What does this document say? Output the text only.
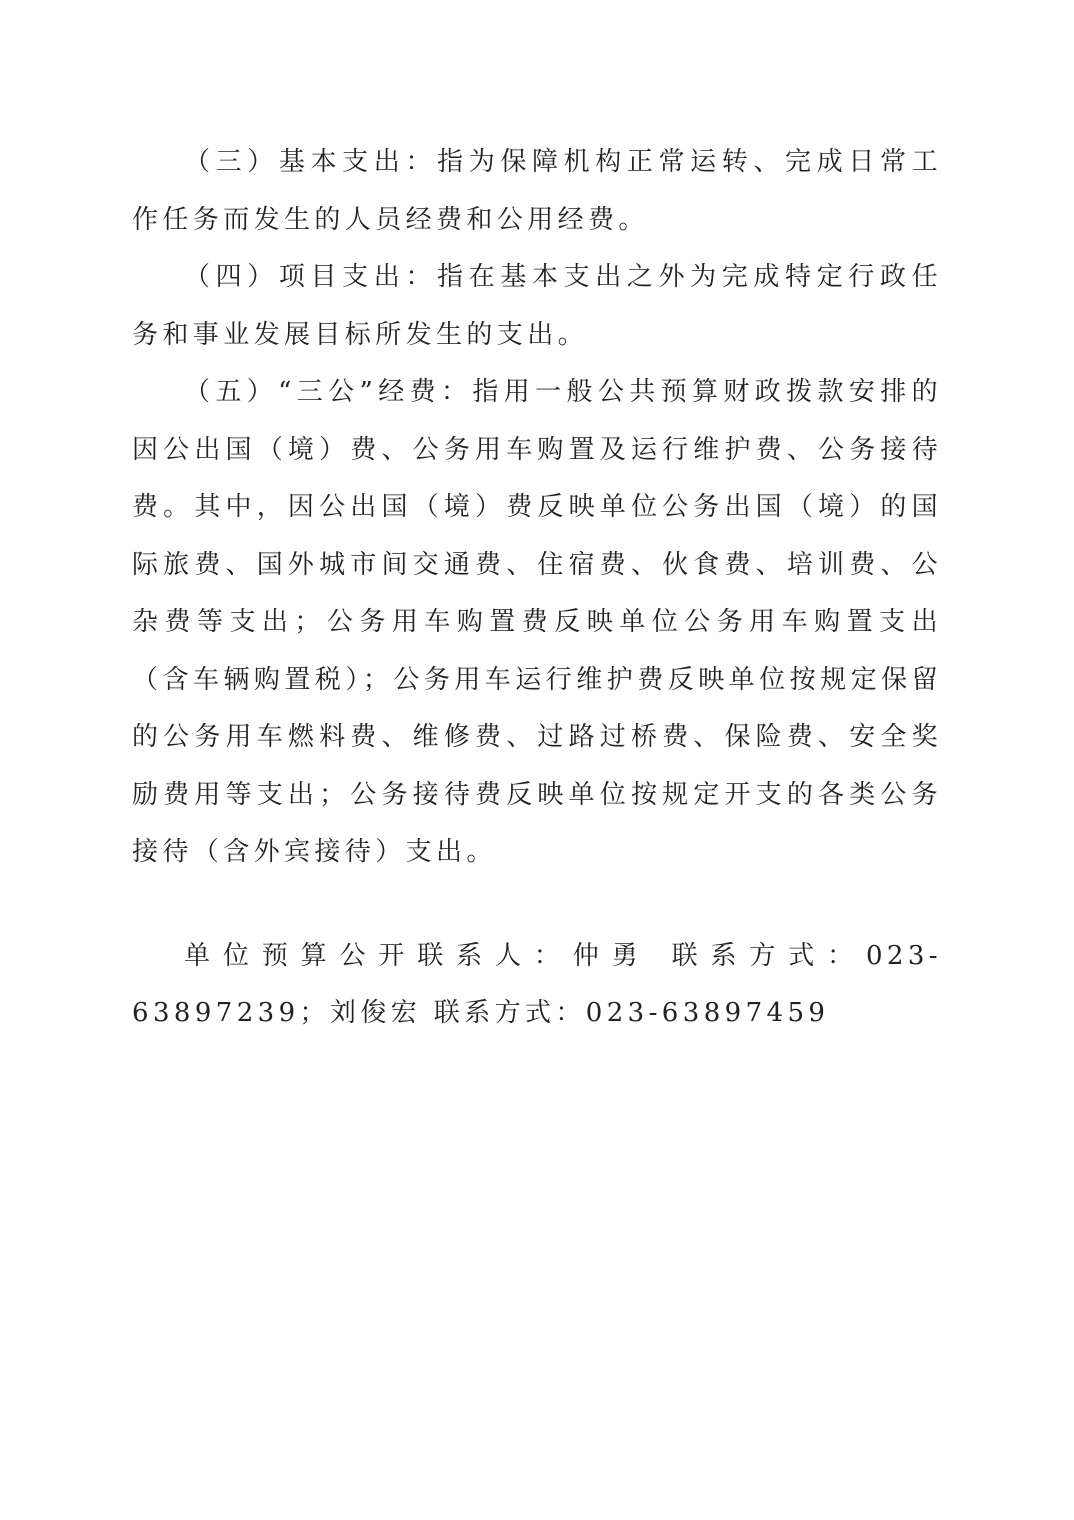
（三）基本支出：指为保障机构正常运转、完成日常工作任务而发生的人员经费和公用经费。

（四）项目支出：指在基本支出之外为完成特定行政任务和事业发展目标所发生的支出。

（五）“三公”经费：指用一般公共预算财政拨款安排的因公出国（境）费、公务用车购置及运行维护费、公务接待费。其中，因公出国（境）费反映单位公务出国（境）的国际旅费、国外城市间交通费、住宿费、伙食费、培训费、公杂费等支出；公务用车购置费反映单位公务用车购置支出（含车辆购置税）；公务用车运行维护费反映单位按规定保留的公务用车燃料费、维修费、过路过桥费、保险费、安全奖励费用等支出；公务接待费反映单位按规定开支的各类公务接待（含外宾接待）支出。

单位预算公开联系人：仲勇 联系方式：023-63897239；刘俊宏 联系方式：023-63897459
